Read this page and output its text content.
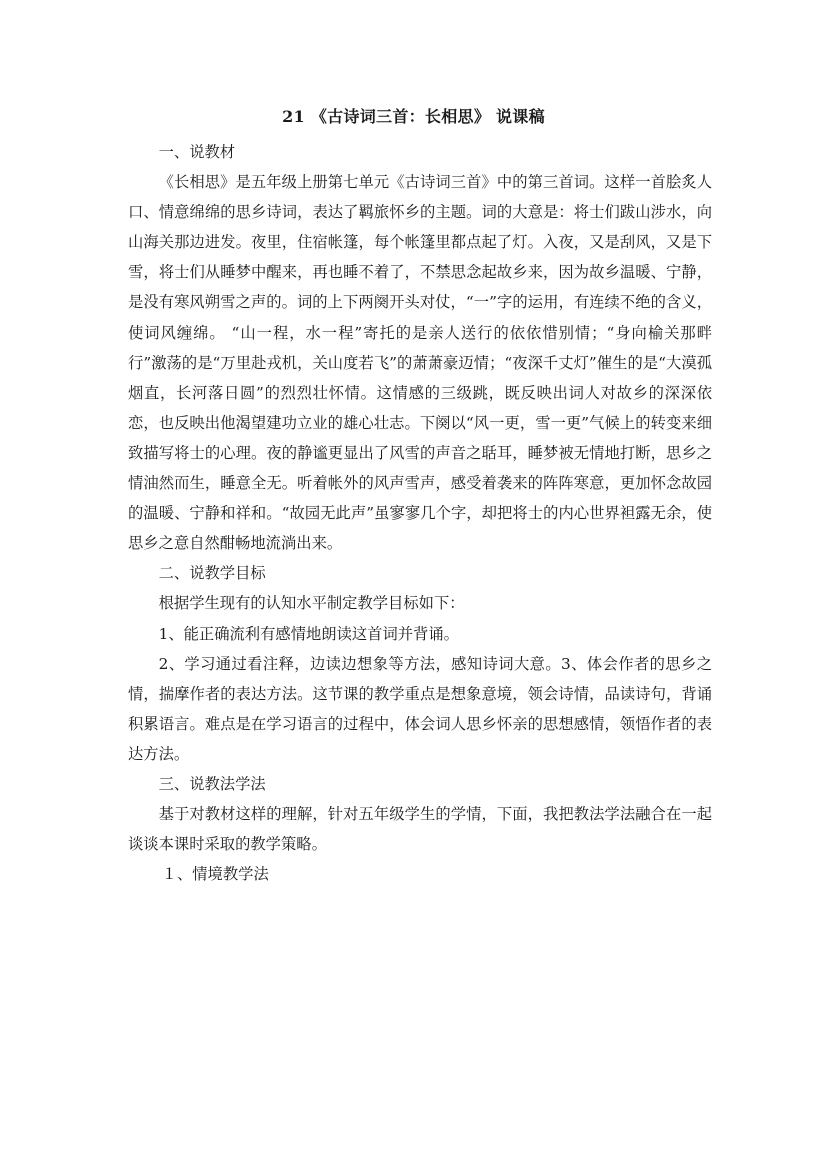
21 《古诗词三首：长相思》 说课稿

一、说教材

《长相思》是五年级上册第七单元《古诗词三首》中的第三首词。这样一首脍炙人口、情意绵绵的思乡诗词，表达了羁旅怀乡的主题。词的大意是：将士们跋山涉水，向山海关那边进发。夜里，住宿帐篷，每个帐篷里都点起了灯。入夜，又是刮风，又是下雪，将士们从睡梦中醒来，再也睡不着了，不禁思念起故乡来，因为故乡温暖、宁静，是没有寒风朔雪之声的。词的上下两阕开头对仗，“一”字的运用，有连续不绝的含义，使词风缠绵。 “山一程，水一程”寄托的是亲人送行的依依惜别情；“身向榆关那畔行”激荡的是“万里赴戎机，关山度若飞”的萧萧豪迈情；“夜深千丈灯”催生的是“大漠孤烟直，长河落日圆”的烈烈壮怀情。这情感的三级跳，既反映出词人对故乡的深深依恋，也反映出他渴望建功立业的雄心壮志。下阕以“风一更，雪一更”气候上的转变来细致描写将士的心理。夜的静谧更显出了风雪的声音之聒耳，睡梦被无情地打断，思乡之情油然而生，睡意全无。听着帐外的风声雪声，感受着袭来的阵阵寒意，更加怀念故园的温暖、宁静和祥和。“故园无此声”虽寥寥几个字，却把将士的内心世界袒露无余，使思乡之意自然酣畅地流淌出来。

二、说教学目标

根据学生现有的认知水平制定教学目标如下：

1、能正确流利有感情地朗读这首词并背诵。

2、学习通过看注释，边读边想象等方法，感知诗词大意。3、体会作者的思乡之情，揣摩作者的表达方法。这节课的教学重点是想象意境，领会诗情，品读诗句，背诵积累语言。难点是在学习语言的过程中，体会词人思乡怀亲的思想感情，领悟作者的表达方法。

三、说教法学法

基于对教材这样的理解，针对五年级学生的学情，下面，我把教法学法融合在一起谈谈本课时采取的教学策略。

１、情境教学法
